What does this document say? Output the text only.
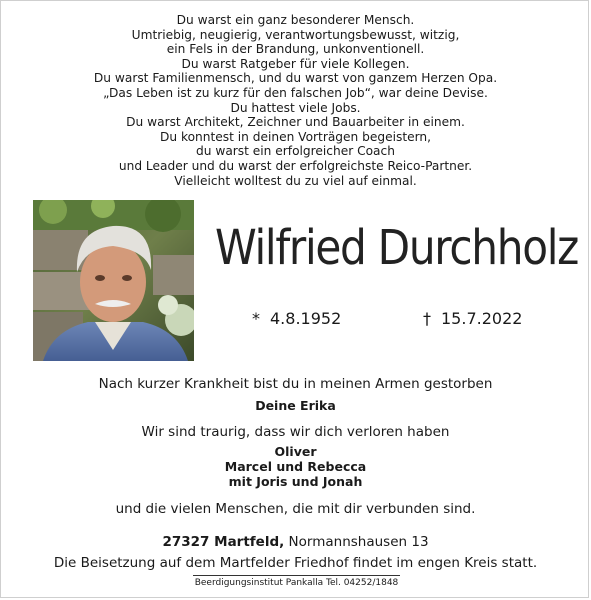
Du warst ein ganz besonderer Mensch.
Umtriebig, neugierig, verantwortungsbewusst, witzig,
ein Fels in der Brandung, unkonventionell.
Du warst Ratgeber für viele Kollegen.
Du warst Familienmensch, und du warst von ganzem Herzen Opa.
„Das Leben ist zu kurz für den falschen Job“, war deine Devise.
Du hattest viele Jobs.
Du warst Architekt, Zeichner und Bauarbeiter in einem.
Du konntest in deinen Vorträgen begeistern,
du warst ein erfolgreicher Coach
und Leader und du warst der erfolgreichste Reico-Partner.
Vielleicht wolltest du zu viel auf einmal.
Wilfried Durchholz
* 4.8.1952	† 15.7.2022
Nach kurzer Krankheit bist du in meinen Armen gestorben
Deine Erika
Wir sind traurig, dass wir dich verloren haben
Oliver
Marcel und Rebecca
mit Joris und Jonah
und die vielen Menschen, die mit dir verbunden sind.
27327 Martfeld, Normannshausen 13
Die Beisetzung auf dem Martfelder Friedhof findet im engen Kreis statt.
Beerdigungsinstitut Pankalla Tel. 04252/1848
